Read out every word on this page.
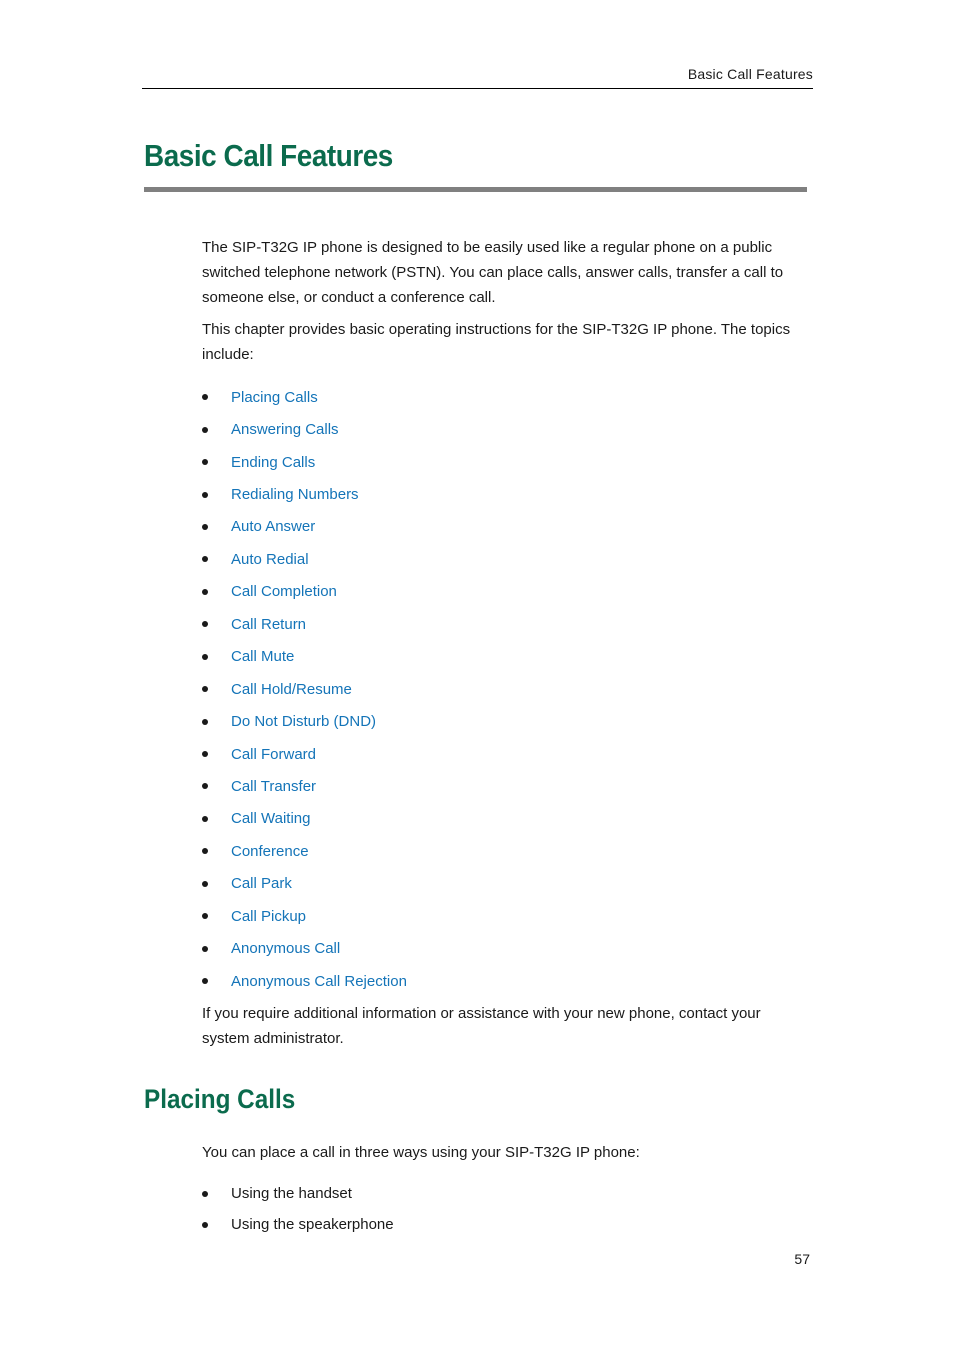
Basic Call Features
Basic Call Features

The SIP-T32G IP phone is designed to be easily used like a regular phone on a public switched telephone network (PSTN). You can place calls, answer calls, transfer a call to someone else, or conduct a conference call.

This chapter provides basic operating instructions for the SIP-T32G IP phone. The topics include:

Placing Calls
Answering Calls
Ending Calls
Redialing Numbers
Auto Answer
Auto Redial
Call Completion
Call Return
Call Mute
Call Hold/Resume
Do Not Disturb (DND)
Call Forward
Call Transfer
Call Waiting
Conference
Call Park
Call Pickup
Anonymous Call
Anonymous Call Rejection

If you require additional information or assistance with your new phone, contact your system administrator.

Placing Calls

You can place a call in three ways using your SIP-T32G IP phone:

Using the handset
Using the speakerphone
57
